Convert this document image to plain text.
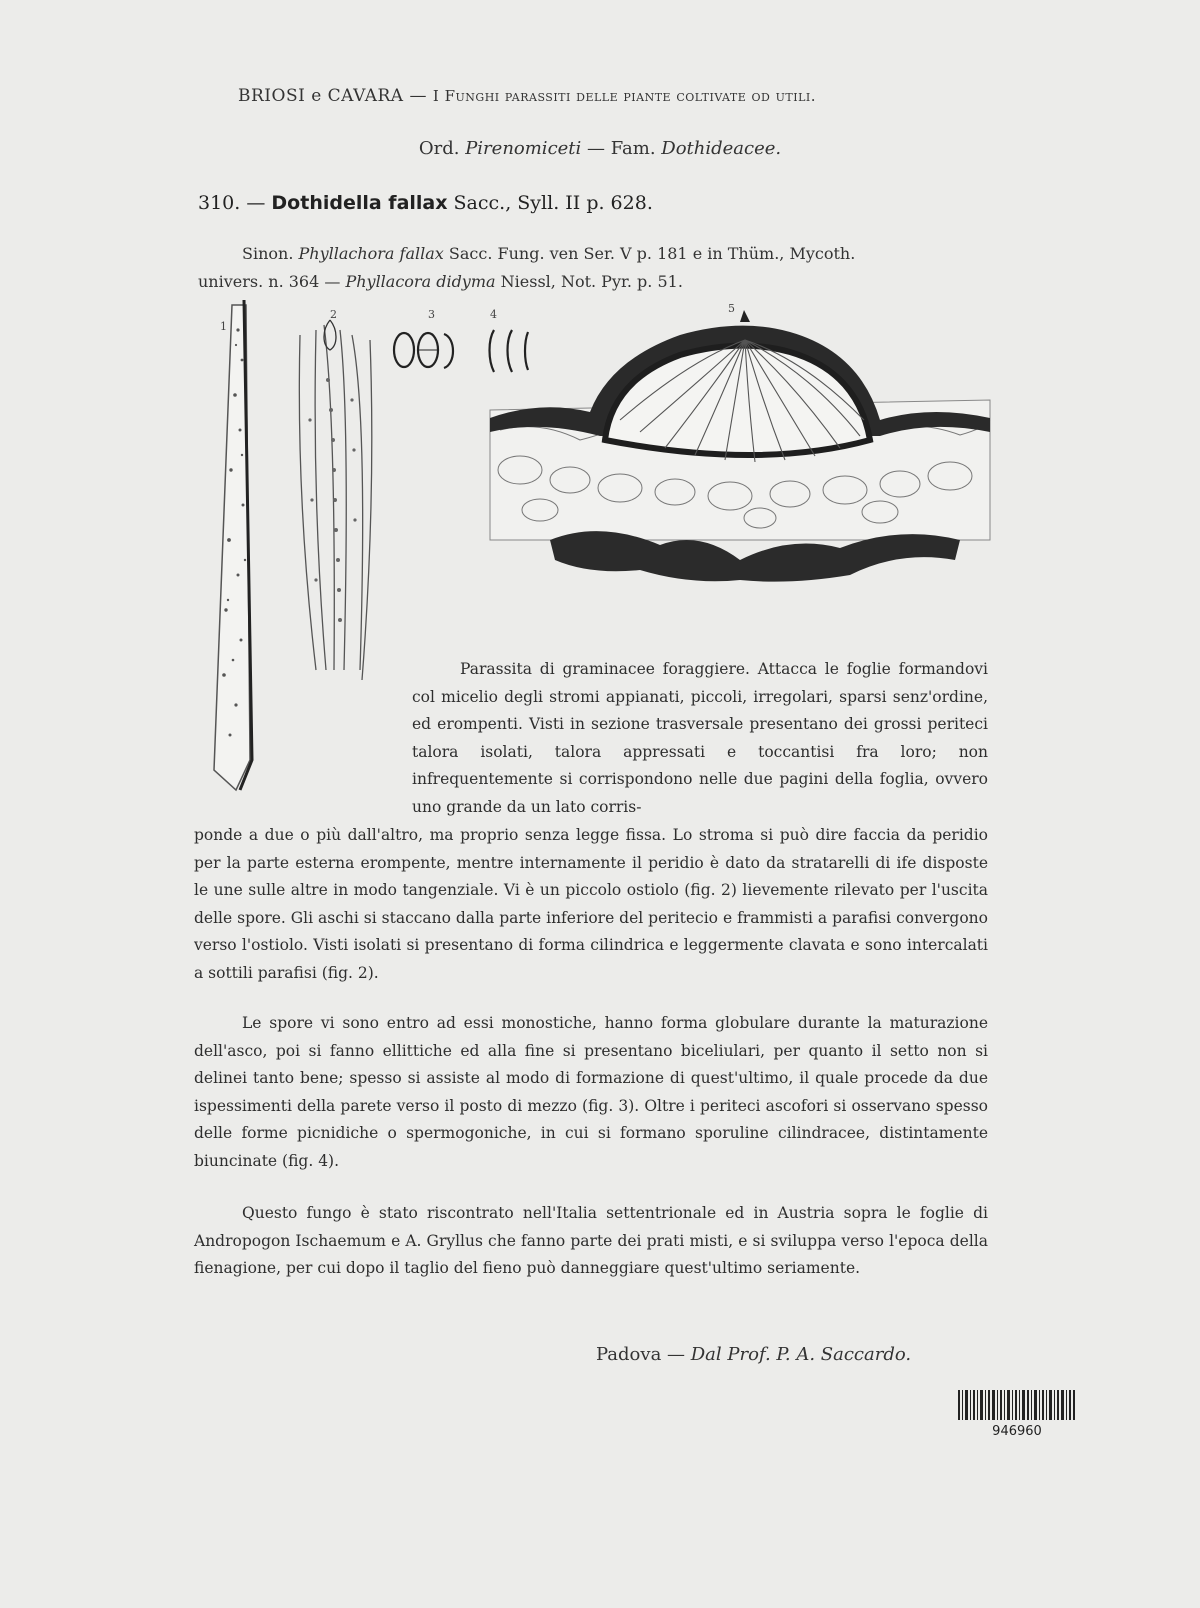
BRIOSI e CAVARA — I Funghi parassiti delle piante coltivate od utili.
Ord. Pirenomiceti — Fam. Dothideacee.
310. — Dothidella fallax Sacc., Syll. II p. 628.
Sinon. Phyllachora fallax Sacc. Fung. ven Ser. V p. 181 e in Thüm., Mycoth.
univers. n. 364 — Phyllacora didyma Niessl, Not. Pyr. p. 51.
1
2	3	4	5

Parassita di graminacee foraggiere. Attacca le foglie formandovi col micelio degli stromi appianati, piccoli, irregolari, sparsi senz'ordine, ed erompenti. Visti in sezione trasversale presentano dei grossi periteci talora isolati, talora appressati e toccantisi fra loro; non infrequentemente si corrispondono nelle due pagini della foglia, ovvero uno grande da un lato corris-

ponde a due o più dall'altro, ma proprio senza legge fissa. Lo stroma si può dire faccia da peridio per la parte esterna erompente, mentre internamente il peridio è dato da stratarelli di ife disposte le une sulle altre in modo tangenziale. Vi è un piccolo ostiolo (fig. 2) lievemente rilevato per l'uscita delle spore. Gli aschi si staccano dalla parte inferiore del peritecio e frammisti a parafisi convergono verso l'ostiolo. Visti isolati si presentano di forma cilindrica e leggermente clavata e sono intercalati a sottili parafisi (fig. 2).

Le spore vi sono entro ad essi monostiche, hanno forma globulare durante la maturazione dell'asco, poi si fanno ellittiche ed alla fine si presentano biceliulari, per quanto il setto non si delinei tanto bene; spesso si assiste al modo di formazione di quest'ultimo, il quale procede da due ispessimenti della parete verso il posto di mezzo (fig. 3). Oltre i periteci ascofori si osservano spesso delle forme picnidiche o spermogoniche, in cui si formano sporuline cilindracee, distintamente biuncinate (fig. 4).

Questo fungo è stato riscontrato nell'Italia settentrionale ed in Austria sopra le foglie di Andropogon Ischaemum e A. Gryllus che fanno parte dei prati misti, e si sviluppa verso l'epoca della fienagione, per cui dopo il taglio del fieno può danneggiare quest'ultimo seriamente.

Padova — Dal Prof. P. A. Saccardo.
946960
